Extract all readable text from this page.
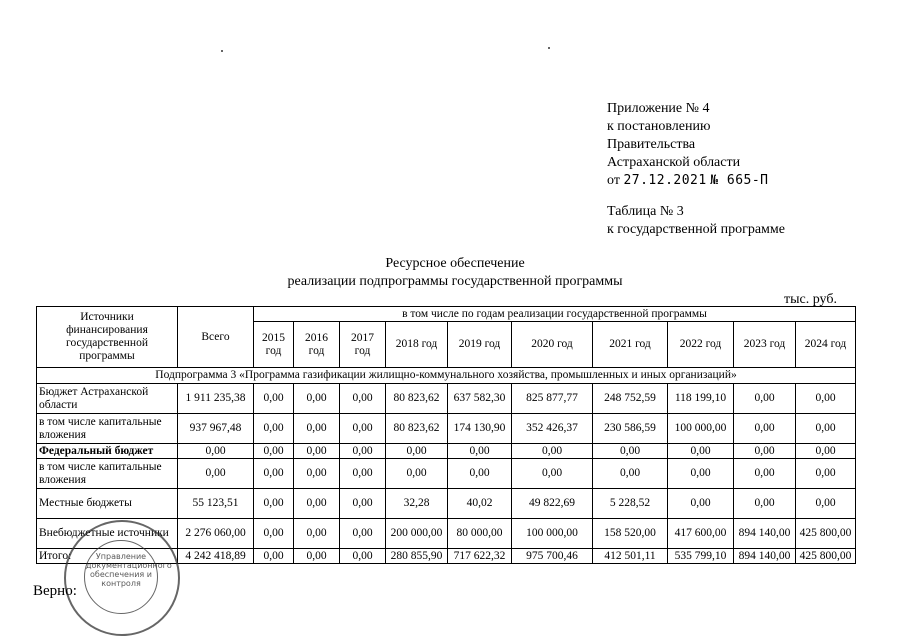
Приложение № 4
к постановлению
Правительства
Астраханской области
от 27.12.2021 № 665-П
Таблица № 3
к государственной программе
Ресурсное обеспечение
реализации подпрограммы государственной программы
тыс. руб.
Источники финансирования государственной программы	Всего	в том числе по годам реализации государственной программы									
		2015 год	2016 год	2017 год	2018 год	2019 год	2020 год	2021 год	2022 год	2023 год	2024 год
Подпрограмма 3 «Программа газификации жилищно-коммунального хозяйства, промышленных и иных организаций»											
Бюджет Астраханской области	1 911 235,38	0,00	0,00	0,00	80 823,62	637 582,30	825 877,77	248 752,59	118 199,10	0,00	0,00
в том числе капитальные вложения	937 967,48	0,00	0,00	0,00	80 823,62	174 130,90	352 426,37	230 586,59	100 000,00	0,00	0,00
Федеральный бюджет	0,00	0,00	0,00	0,00	0,00	0,00	0,00	0,00	0,00	0,00	0,00
в том числе капитальные вложения	0,00	0,00	0,00	0,00	0,00	0,00	0,00	0,00	0,00	0,00	0,00
Местные бюджеты	55 123,51	0,00	0,00	0,00	32,28	40,02	49 822,69	5 228,52	0,00	0,00	0,00
Внебюджетные источники	2 276 060,00	0,00	0,00	0,00	200 000,00	80 000,00	100 000,00	158 520,00	417 600,00	894 140,00	425 800,00
Итого:	4 242 418,89	0,00	0,00	0,00	280 855,90	717 622,32	975 700,46	412 501,11	535 799,10	894 140,00	425 800,00
Управление документационного обеспечения и контроля
Верно:
